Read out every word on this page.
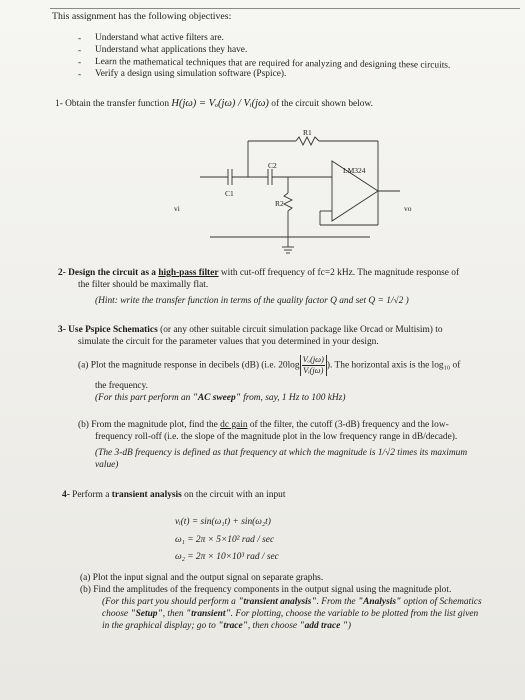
This assignment has the following objectives:
- Understand what active filters are.
- Understand what applications they have.
- Learn the mathematical techniques that are required for analyzing and designing these circuits.
- Verify a design using simulation software (Pspice).
1- Obtain the transfer function H(jω) = Vₒ(jω) / Vᵢ(jω) of the circuit shown below.
R1
LM324
C1
C2
R2
vi	vo
2- Design the circuit as a high-pass filter with cut-off frequency of fc=2 kHz. The magnitude response of
the filter should be maximally flat.
(Hint: write the transfer function in terms of the quality factor Q and set Q = 1/√2 )
3- Use Pspice Schematics (or any other suitable circuit simulation package like Orcad or Multisim) to
simulate the circuit for the parameter values that you determined in your design.
(a) Plot the magnitude response in decibels (dB) (i.e. $20\log \frac{\text{Vₒ(jω)}}{\text{Vᵢ(jω)}}$ ). The horizontal axis is the log₁₀ of
the frequency.
(For this part perform an "AC sweep" from, say, 1 Hz to 100 kHz)
(b) From the magnitude plot, find the dc gain of the filter, the cutoff (3-dB) frequency and the low-
frequency roll-off (i.e. the slope of the magnitude plot in the low frequency range in dB/decade).
(The 3-dB frequency is defined as that frequency at which the magnitude is 1/√2 times its maximum
value)
4- Perform a transient analysis on the circuit with an input
vᵢ(t) = sin(ω₁t) + sin(ω₂t)
ω₁ = 2π × 5×10² rad / sec
ω₂ = 2π × 10×10³ rad / sec
(a) Plot the input signal and the output signal on separate graphs.
(b) Find the amplitudes of the frequency components in the output signal using the magnitude plot.
(For this part you should perform a "transient analysis". From the "Analysis" option of Schematics
choose "Setup", then "transient". For plotting, choose the variable to be plotted from the list given
in the graphical display; go to "trace", then choose "add trace ")
